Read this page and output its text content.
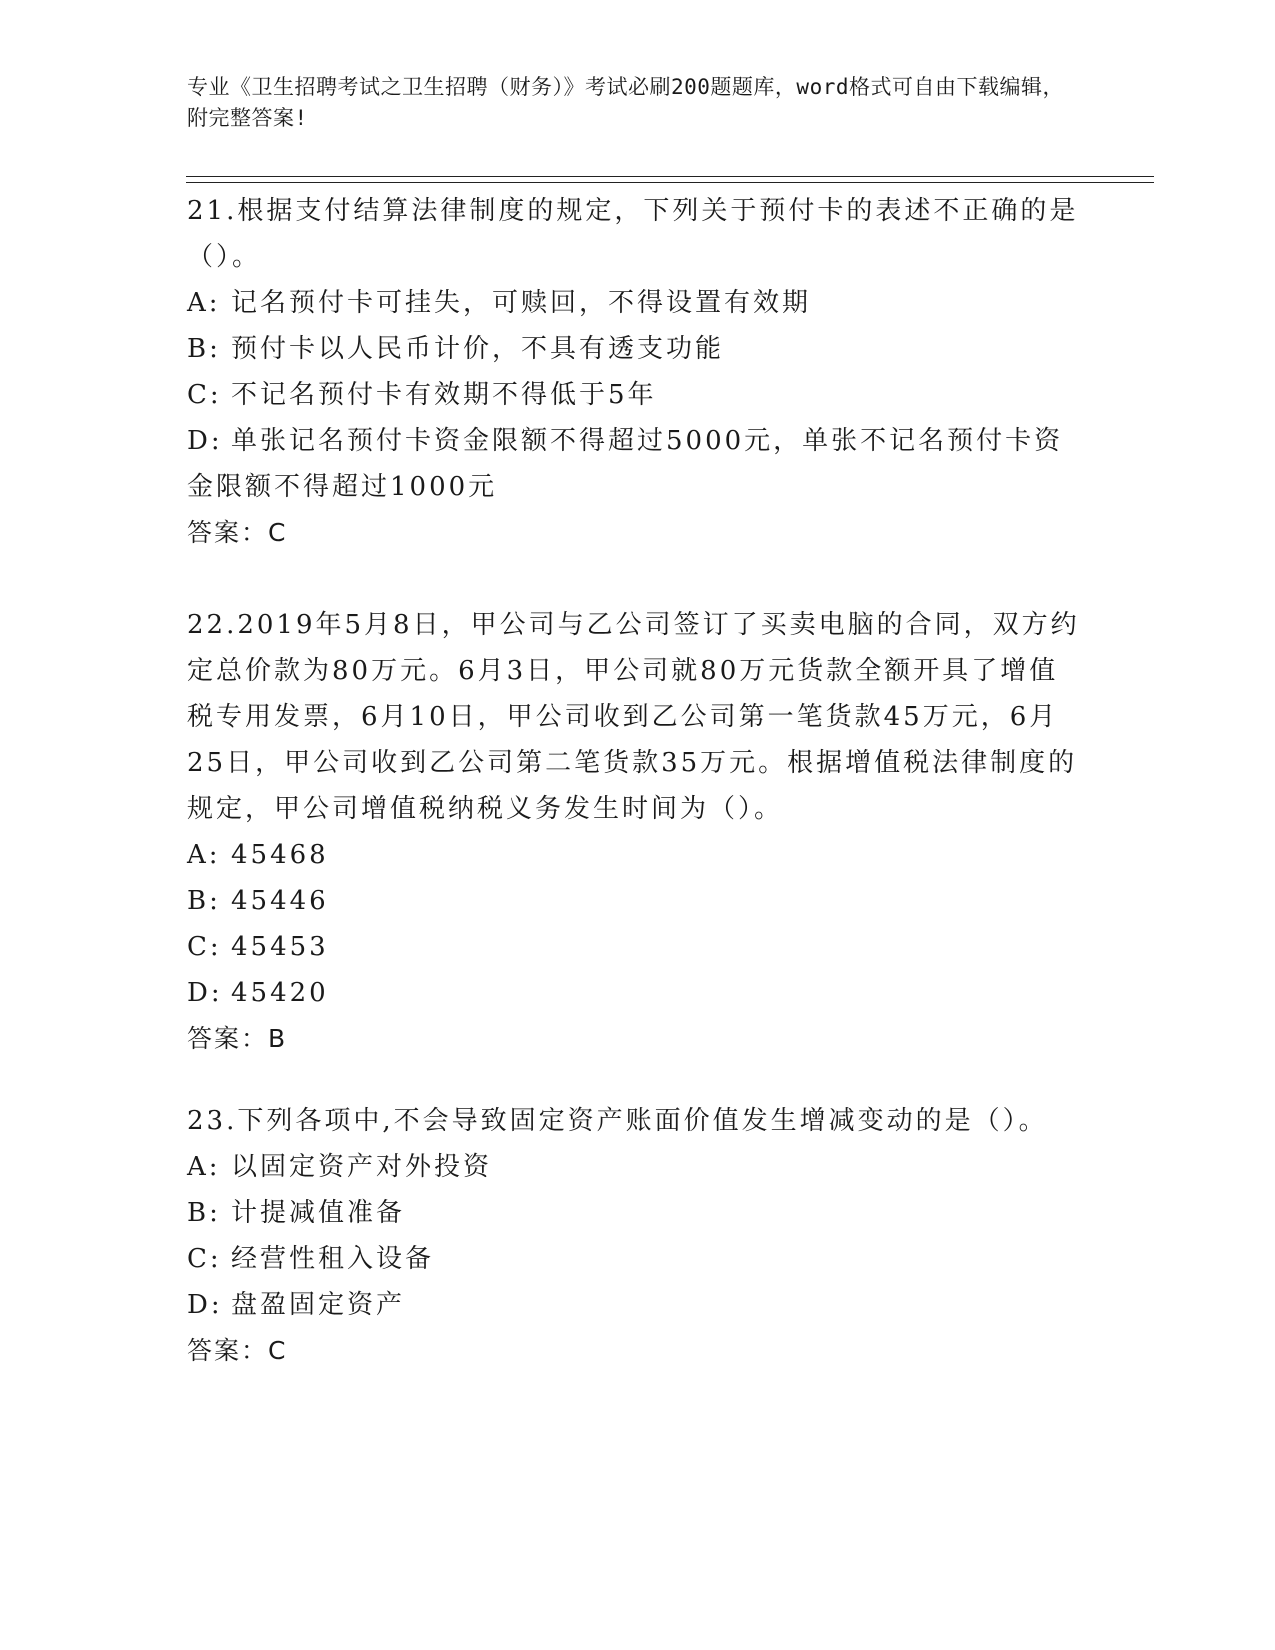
专业《卫生招聘考试之卫生招聘（财务）》考试必刷200题题库，word格式可自由下载编辑，附完整答案!

21.根据支付结算法律制度的规定，下列关于预付卡的表述不正确的是（）。

A: 记名预付卡可挂失，可赎回，不得设置有效期

B: 预付卡以人民币计价，不具有透支功能

C: 不记名预付卡有效期不得低于5年

D: 单张记名预付卡资金限额不得超过5000元，单张不记名预付卡资金限额不得超过1000元

答案：C

22.2019年5月8日，甲公司与乙公司签订了买卖电脑的合同，双方约定总价款为80万元。6月3日，甲公司就80万元货款全额开具了增值税专用发票，6月10日，甲公司收到乙公司第一笔货款45万元，6月25日，甲公司收到乙公司第二笔货款35万元。根据增值税法律制度的规定，甲公司增值税纳税义务发生时间为（）。

A: 45468

B: 45446

C: 45453

D: 45420

答案：B

23.下列各项中,不会导致固定资产账面价值发生增减变动的是（）。

A: 以固定资产对外投资

B: 计提减值准备

C: 经营性租入设备

D: 盘盈固定资产

答案：C
